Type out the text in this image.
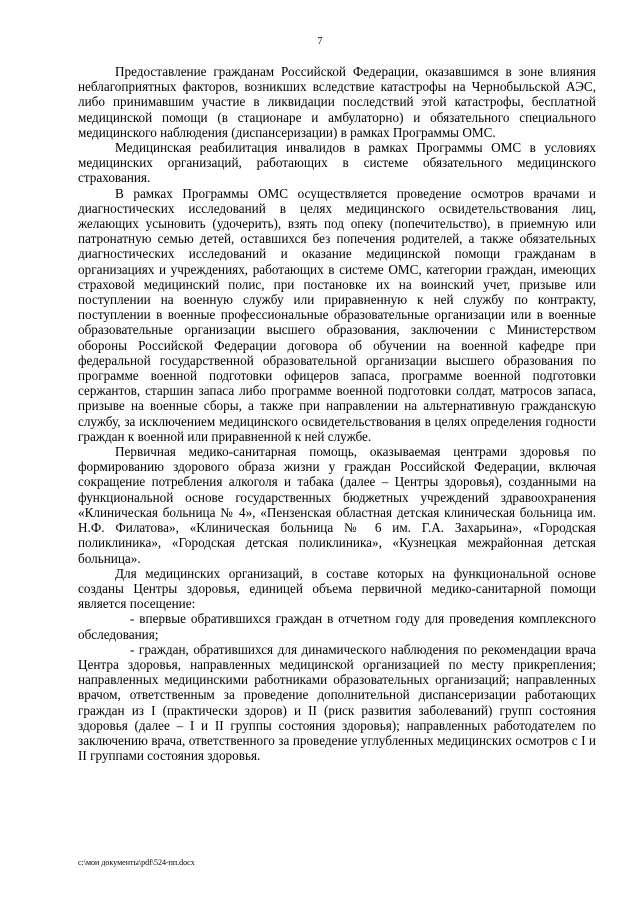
7

Предоставление гражданам Российской Федерации, оказавшимся в зоне влияния неблагоприятных факторов, возникших вследствие катастрофы на Чернобыльской АЭС, либо принимавшим участие в ликвидации последствий этой катастрофы, бесплатной медицинской помощи (в стационаре и амбулаторно) и обязательного специального медицинского наблюдения (диспансеризации) в рамках Программы ОМС.

Медицинская реабилитация инвалидов в рамках Программы ОМС в условиях медицинских организаций, работающих в системе обязательного медицинского страхования.

В рамках Программы ОМС осуществляется проведение осмотров врачами и диагностических исследований в целях медицинского освидетельствования лиц, желающих усыновить (удочерить), взять под опеку (попечительство), в приемную или патронатную семью детей, оставшихся без попечения родителей, а также обязательных диагностических исследований и оказание медицинской помощи гражданам в организациях и учреждениях, работающих в системе ОМС, категории граждан, имеющих страховой медицинский полис, при постановке их на воинский учет, призыве или поступлении на военную службу или приравненную к ней службу по контракту, поступлении в военные профессиональные образовательные организации или в военные образовательные организации высшего образования, заключении с Министерством обороны Российской Федерации договора об обучении на военной кафедре при федеральной государственной образовательной организации высшего образования по программе военной подготовки офицеров запаса, программе военной подготовки сержантов, старшин запаса либо программе военной подготовки солдат, матросов запаса, призыве на военные сборы, а также при направлении на альтернативную гражданскую службу, за исключением медицинского освидетельствования в целях определения годности граждан к военной или приравненной к ней службе.

Первичная медико-санитарная помощь, оказываемая центрами здоровья по формированию здорового образа жизни у граждан Российской Федерации, включая сокращение потребления алкоголя и табака (далее – Центры здоровья), созданными на функциональной основе государственных бюджетных учреждений здравоохранения «Клиническая больница № 4», «Пензенская областная детская клиническая больница им. Н.Ф. Филатова», «Клиническая больница № 6 им. Г.А. Захарьина», «Городская поликлиника», «Городская детская поликлиника», «Кузнецкая межрайонная детская больница».

Для медицинских организаций, в составе которых на функциональной основе созданы Центры здоровья, единицей объема первичной медико-санитарной помощи является посещение:

- впервые обратившихся граждан в отчетном году для проведения комплексного обследования;

- граждан, обратившихся для динамического наблюдения по рекомендации врача Центра здоровья, направленных медицинской организацией по месту прикрепления; направленных медицинскими работниками образовательных организаций; направленных врачом, ответственным за проведение дополнительной диспансеризации работающих граждан из I (практически здоров) и II (риск развития заболеваний) групп состояния здоровья (далее – I и II группы состояния здоровья); направленных работодателем по заключению врача, ответственного за проведение углубленных медицинских осмотров с I и II группами состояния здоровья.

c:\мои документы\pdf\524-пп.docx
